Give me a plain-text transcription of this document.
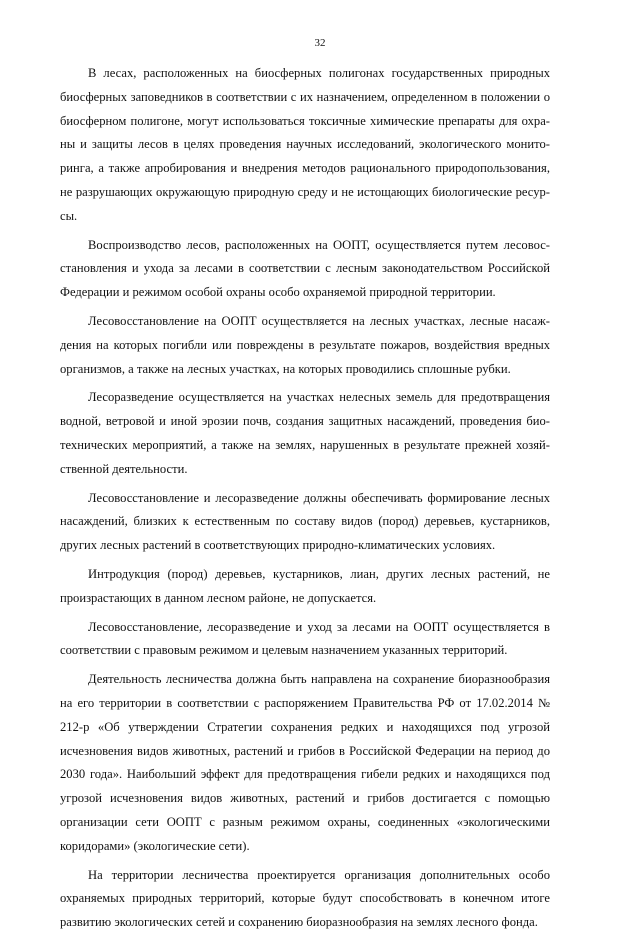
32

В лесах, расположенных на биосферных полигонах государственных природных биосферных заповедников в соответствии с их назначением, определенном в положении о биосферном полигоне, могут использоваться токсичные химические препараты для охраны и защиты лесов в целях проведения научных исследований, экологического мониторинга, а также апробирования и внедрения методов рационального природопользования, не разрушающих окружающую природную среду и не истощающих биологические ресурсы.

Воспроизводство лесов, расположенных на ООПТ, осуществляется путем лесовосстановления и ухода за лесами в соответствии с лесным законодательством Российской Федерации и режимом особой охраны особо охраняемой природной территории.

Лесовосстановление на ООПТ осуществляется на лесных участках, лесные насаждения на которых погибли или повреждены в результате пожаров, воздействия вредных организмов, а также на лесных участках, на которых проводились сплошные рубки.

Лесоразведение осуществляется на участках нелесных земель для предотвращения водной, ветровой и иной эрозии почв, создания защитных насаждений, проведения биотехнических мероприятий, а также на землях, нарушенных в результате прежней хозяйственной деятельности.

Лесовосстановление и лесоразведение должны обеспечивать формирование лесных насаждений, близких к естественным по составу видов (пород) деревьев, кустарников, других лесных растений в соответствующих природно-климатических условиях.

Интродукция (пород) деревьев, кустарников, лиан, других лесных растений, не произрастающих в данном лесном районе, не допускается.

Лесовосстановление, лесоразведение и уход за лесами на ООПТ осуществляется в соответствии с правовым режимом и целевым назначением указанных территорий.

Деятельность лесничества должна быть направлена на сохранение биоразнообразия на его территории в соответствии с распоряжением Правительства РФ от 17.02.2014 № 212-р «Об утверждении Стратегии сохранения редких и находящихся под угрозой исчезновения видов животных, растений и грибов в Российской Федерации на период до 2030 года». Наибольший эффект для предотвращения гибели редких и находящихся под угрозой исчезновения видов животных, растений и грибов достигается с помощью организации сети ООПТ с разным режимом охраны, соединенных «экологическими коридорами» (экологические сети).

На территории лесничества проектируется организация дополнительных особо охраняемых природных территорий, которые будут способствовать в конечном итоге развитию экологических сетей и сохранению биоразнообразия на землях лесного фонда.
